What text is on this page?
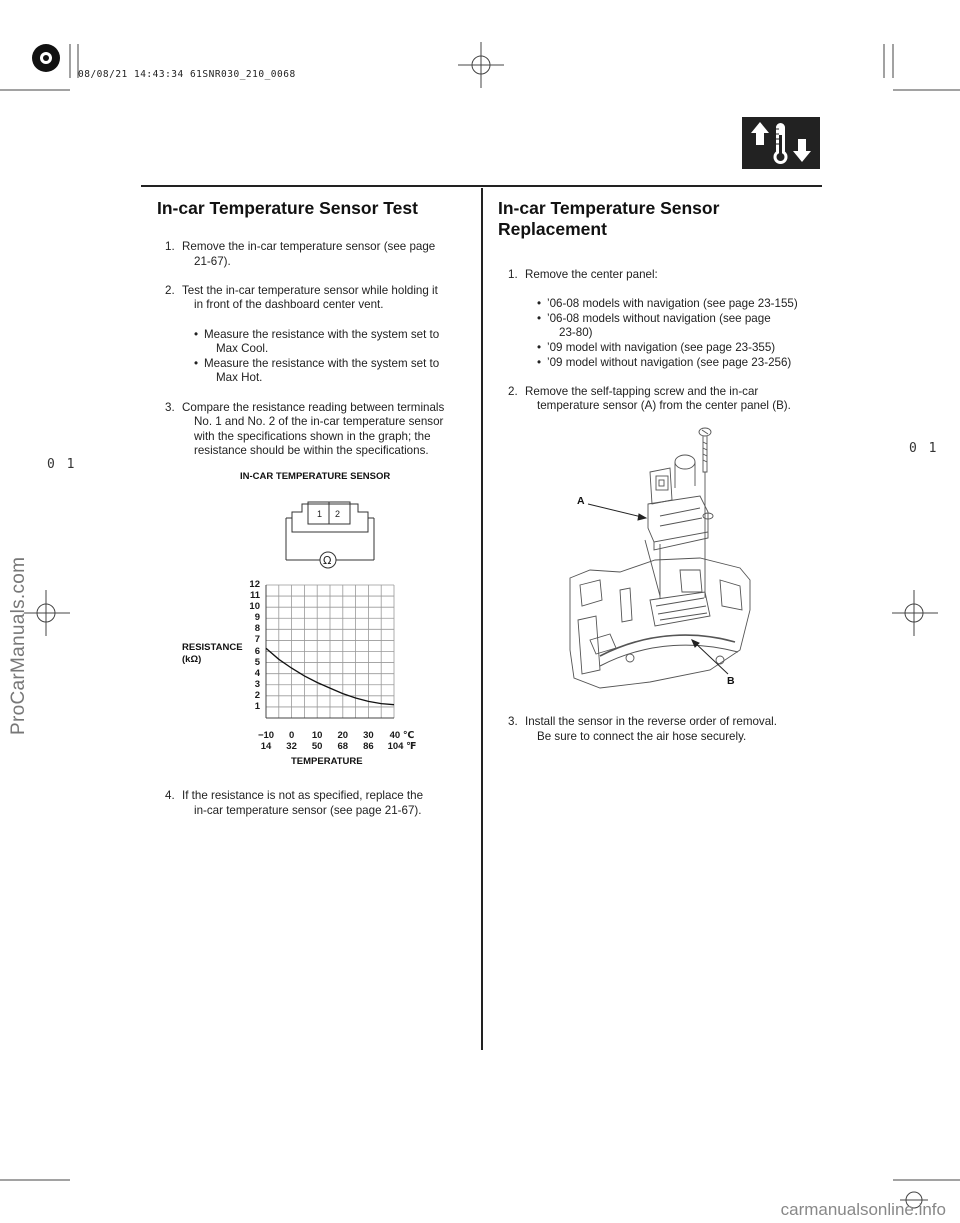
08/08/21 14:43:34 61SNR030_210_0068
0 1
0 1
ProCarManuals.com
carmanualsonline.info
In-car Temperature Sensor Test
1. Remove the in-car temperature sensor (see page
21-67).
2. Test the in-car temperature sensor while holding it
in front of the dashboard center vent.
• Measure the resistance with the system set to
Max Cool.
• Measure the resistance with the system set to
Max Hot.
3. Compare the resistance reading between terminals
No. 1 and No. 2 of the in-car temperature sensor
with the specifications shown in the graph; the
resistance should be within the specifications.
IN-CAR TEMPERATURE SENSOR
1 2
Ω
RESISTANCE
(kΩ)
12
11
10
9
8
7
6
5
4
3
2
1
−10
14
0
32
10
50
20
68
30
86
40 ℃
104 ℉
TEMPERATURE
4. If the resistance is not as specified, replace the
in-car temperature sensor (see page 21-67).
In-car Temperature Sensor
Replacement
1. Remove the center panel:
• ’06-08 models with navigation (see page 23-155)
• ’06-08 models without navigation (see page
23-80)
• ’09 model with navigation (see page 23-355)
• ’09 model without navigation (see page 23-256)
2. Remove the self-tapping screw and the in-car
temperature sensor (A) from the center panel (B).
A
B
3. Install the sensor in the reverse order of removal.
Be sure to connect the air hose securely.
